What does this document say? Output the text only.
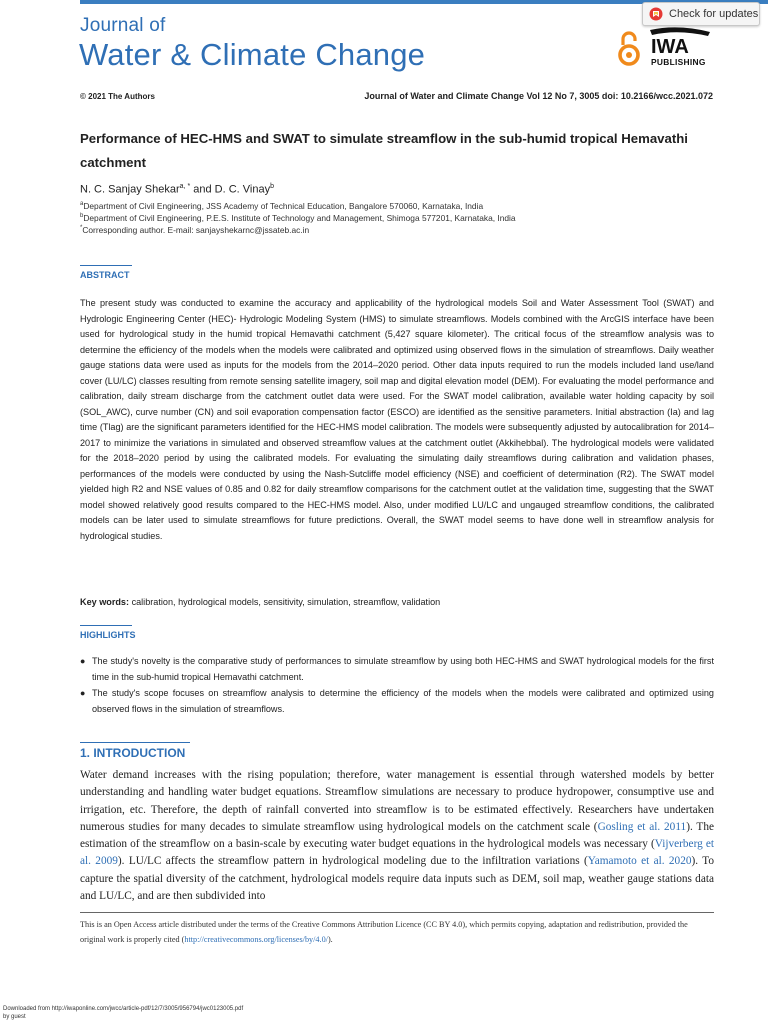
Journal of
Water & Climate Change
Check for updates
IWA
PUBLISHING
© 2021 The Authors	Journal of Water and Climate Change Vol 12 No 7, 3005 doi: 10.2166/wcc.2021.072
Performance of HEC-HMS and SWAT to simulate streamflow in the sub-humid tropical Hemavathi catchment
N. C. Sanjay Shekar$^{a, *}$ and D. C. Vinay$^b$
$^a$Department of Civil Engineering, JSS Academy of Technical Education, Bangalore 570060, Karnataka, India
$^b$Department of Civil Engineering, P.E.S. Institute of Technology and Management, Shimoga 577201, Karnataka, India
*Corresponding author. E-mail: sanjayshekarnc@jssateb.ac.in
ABSTRACT
The present study was conducted to examine the accuracy and applicability of the hydrological models Soil and Water Assessment Tool (SWAT) and Hydrologic Engineering Center (HEC)- Hydrologic Modeling System (HMS) to simulate streamflows. Models combined with the ArcGIS interface have been used for hydrological study in the humid tropical Hemavathi catchment (5,427 square kilometer). The critical focus of the streamflow analysis was to determine the efficiency of the models when the models were calibrated and optimized using observed flows in the simulation of streamflows. Daily weather gauge stations data were used as inputs for the models from the 2014–2020 period. Other data inputs required to run the models included land use/land cover (LU/LC) classes resulting from remote sensing satellite imagery, soil map and digital elevation model (DEM). For evaluating the model performance and calibration, daily stream discharge from the catchment outlet data were used. For the SWAT model calibration, available water holding capacity by soil (SOL_AWC), curve number (CN) and soil evaporation compensation factor (ESCO) are identified as the sensitive parameters. Initial abstraction (Ia) and lag time (Tlag) are the significant parameters identified for the HEC-HMS model calibration. The models were subsequently adjusted by autocalibration for 2014–2017 to minimize the variations in simulated and observed streamflow values at the catchment outlet (Akkihebbal). The hydrological models were validated for the 2018–2020 period by using the calibrated models. For evaluating the simulating daily streamflows during calibration and validation phases, performances of the models were conducted by using the Nash-Sutcliffe model efficiency (NSE) and coefficient of determination (R2). The SWAT model yielded high R2 and NSE values of 0.85 and 0.82 for daily streamflow comparisons for the catchment outlet at the validation time, suggesting that the SWAT model showed relatively good results compared to the HEC-HMS model. Also, under modified LU/LC and ungauged streamflow conditions, the calibrated models can be later used to simulate streamflows for future predictions. Overall, the SWAT model seems to have done well in streamflow analysis for hydrological studies.
Key words: calibration, hydrological models, sensitivity, simulation, streamflow, validation
HIGHLIGHTS
● The study's novelty is the comparative study of performances to simulate streamflow by using both HEC-HMS and SWAT hydrological models for the first time in the sub-humid tropical Hemavathi catchment.
● The study's scope focuses on streamflow analysis to determine the efficiency of the models when the models were calibrated and optimized using observed flows in the simulation of streamflows.
1. INTRODUCTION
Water demand increases with the rising population; therefore, water management is essential through watershed models by better understanding and handling water budget equations. Streamflow simulations are necessary to produce hydropower, consumptive use and irrigation, etc. Therefore, the depth of rainfall converted into streamflow is to be estimated effectively. Researchers have undertaken numerous studies for many decades to simulate streamflow using hydrological models on the catchment scale (Gosling et al. 2011). The estimation of the streamflow on a basin-scale by executing water budget equations in the hydrological models was necessary (Vijverberg et al. 2009). LU/LC affects the streamflow pattern in hydrological modeling due to the infiltration variations (Yamamoto et al. 2020). To capture the spatial diversity of the catchment, hydrological models require data inputs such as DEM, soil map, weather gauge stations data and LU/LC, and are then subdivided into
This is an Open Access article distributed under the terms of the Creative Commons Attribution Licence (CC BY 4.0), which permits copying, adaptation and redistribution, provided the original work is properly cited (http://creativecommons.org/licenses/by/4.0/).
Downloaded from http://iwaponline.com/jwcc/article-pdf/12/7/3005/956794/jwc0123005.pdf
by guest
